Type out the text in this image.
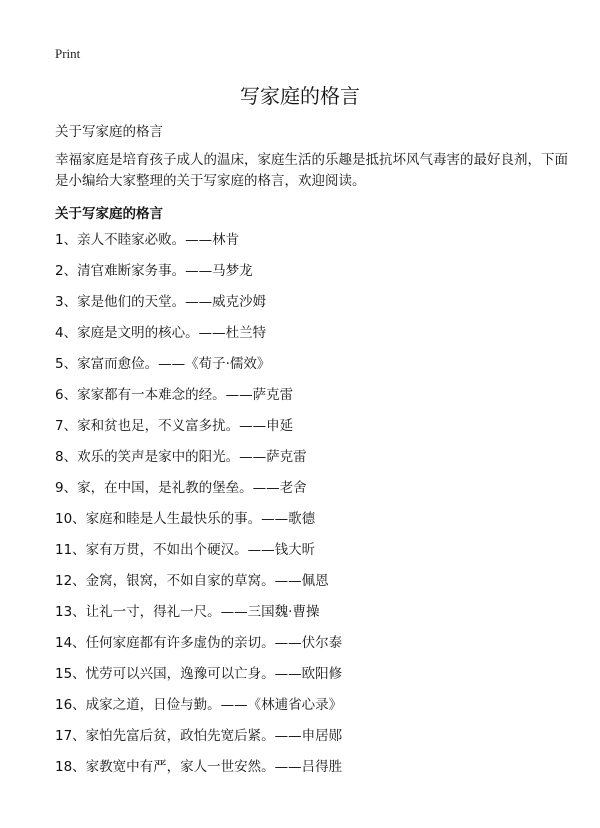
Print
写家庭的格言

关于写家庭的格言

幸福家庭是培育孩子成人的温床，家庭生活的乐趣是抵抗坏风气毒害的最好良剂，下面是小编给大家整理的关于写家庭的格言，欢迎阅读。

关于写家庭的格言
1、亲人不睦家必败。——林肯
2、清官难断家务事。——马梦龙
3、家是他们的天堂。——威克沙姆
4、家庭是文明的核心。——杜兰特
5、家富而愈俭。——《荀子·儒效》
6、家家都有一本难念的经。——萨克雷
7、家和贫也足，不义富多扰。——申延
8、欢乐的笑声是家中的阳光。——萨克雷
9、家，在中国，是礼教的堡垒。——老舍
10、家庭和睦是人生最快乐的事。——歌德
11、家有万贯，不如出个硬汉。——钱大昕
12、金窝，银窝，不如自家的草窝。——佩恩
13、让礼一寸，得礼一尺。——三国魏·曹操
14、任何家庭都有许多虚伪的亲切。——伏尔泰
15、忧劳可以兴国，逸豫可以亡身。——欧阳修
16、成家之道，日俭与勤。——《林逋省心录》
17、家怕先富后贫，政怕先宽后紧。——申居郧
18、家教宽中有严，家人一世安然。——吕得胜
